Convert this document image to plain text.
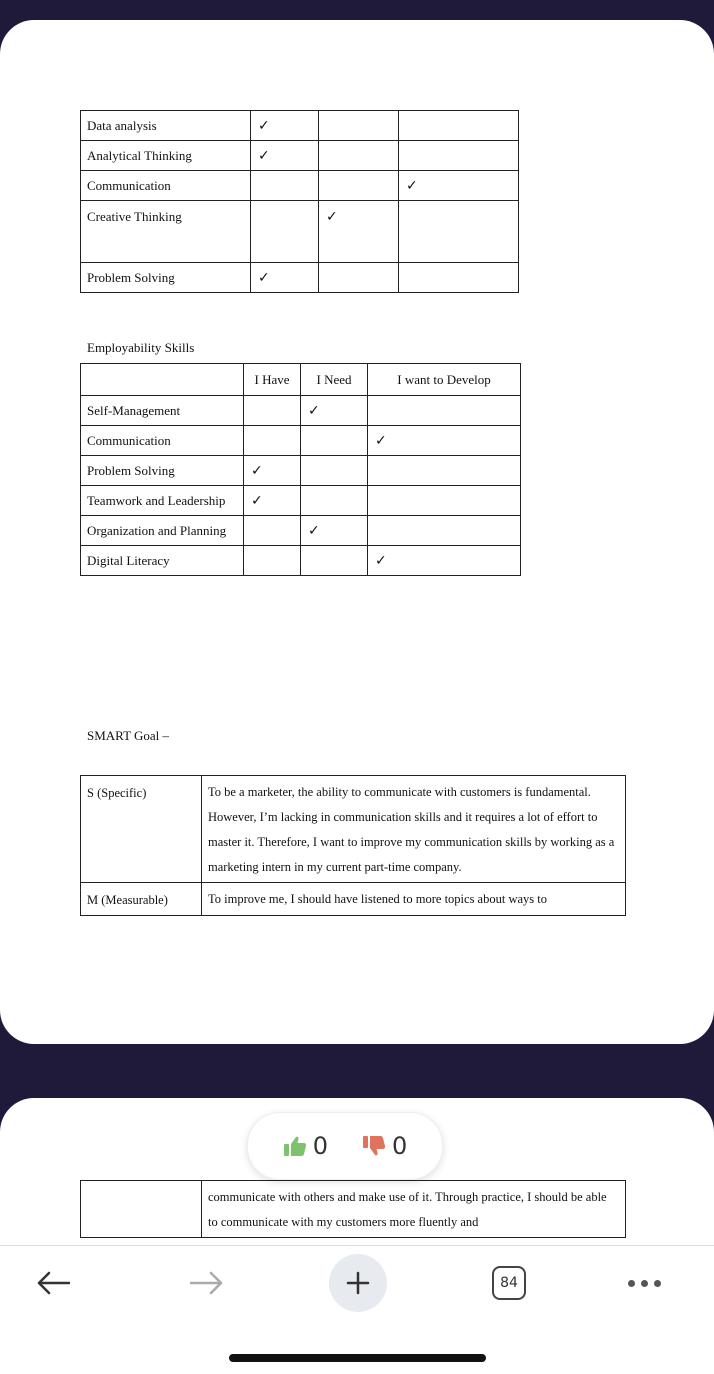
Data analysis	✓		
Analytical Thinking	✓		
Communication			✓
Creative Thinking		✓	
Problem Solving	✓		
Employability Skills
	I Have	I Need	I want to Develop
Self-Management		✓	
Communication			✓
Problem Solving	✓		
Teamwork and Leadership	✓		
Organization and Planning		✓	
Digital Literacy			✓
SMART Goal –
S (Specific)	To be a marketer, the ability to communicate with customers is fundamental. However, I’m lacking in communication skills and it requires a lot of effort to master it. Therefore, I want to improve my communication skills by working as a marketing intern in my current part-time company.
M (Measurable)	To improve me, I should have listened to more topics about ways to
	communicate with others and make use of it. Through practice, I should be able to communicate with my customers more fluently and
0	0
84
